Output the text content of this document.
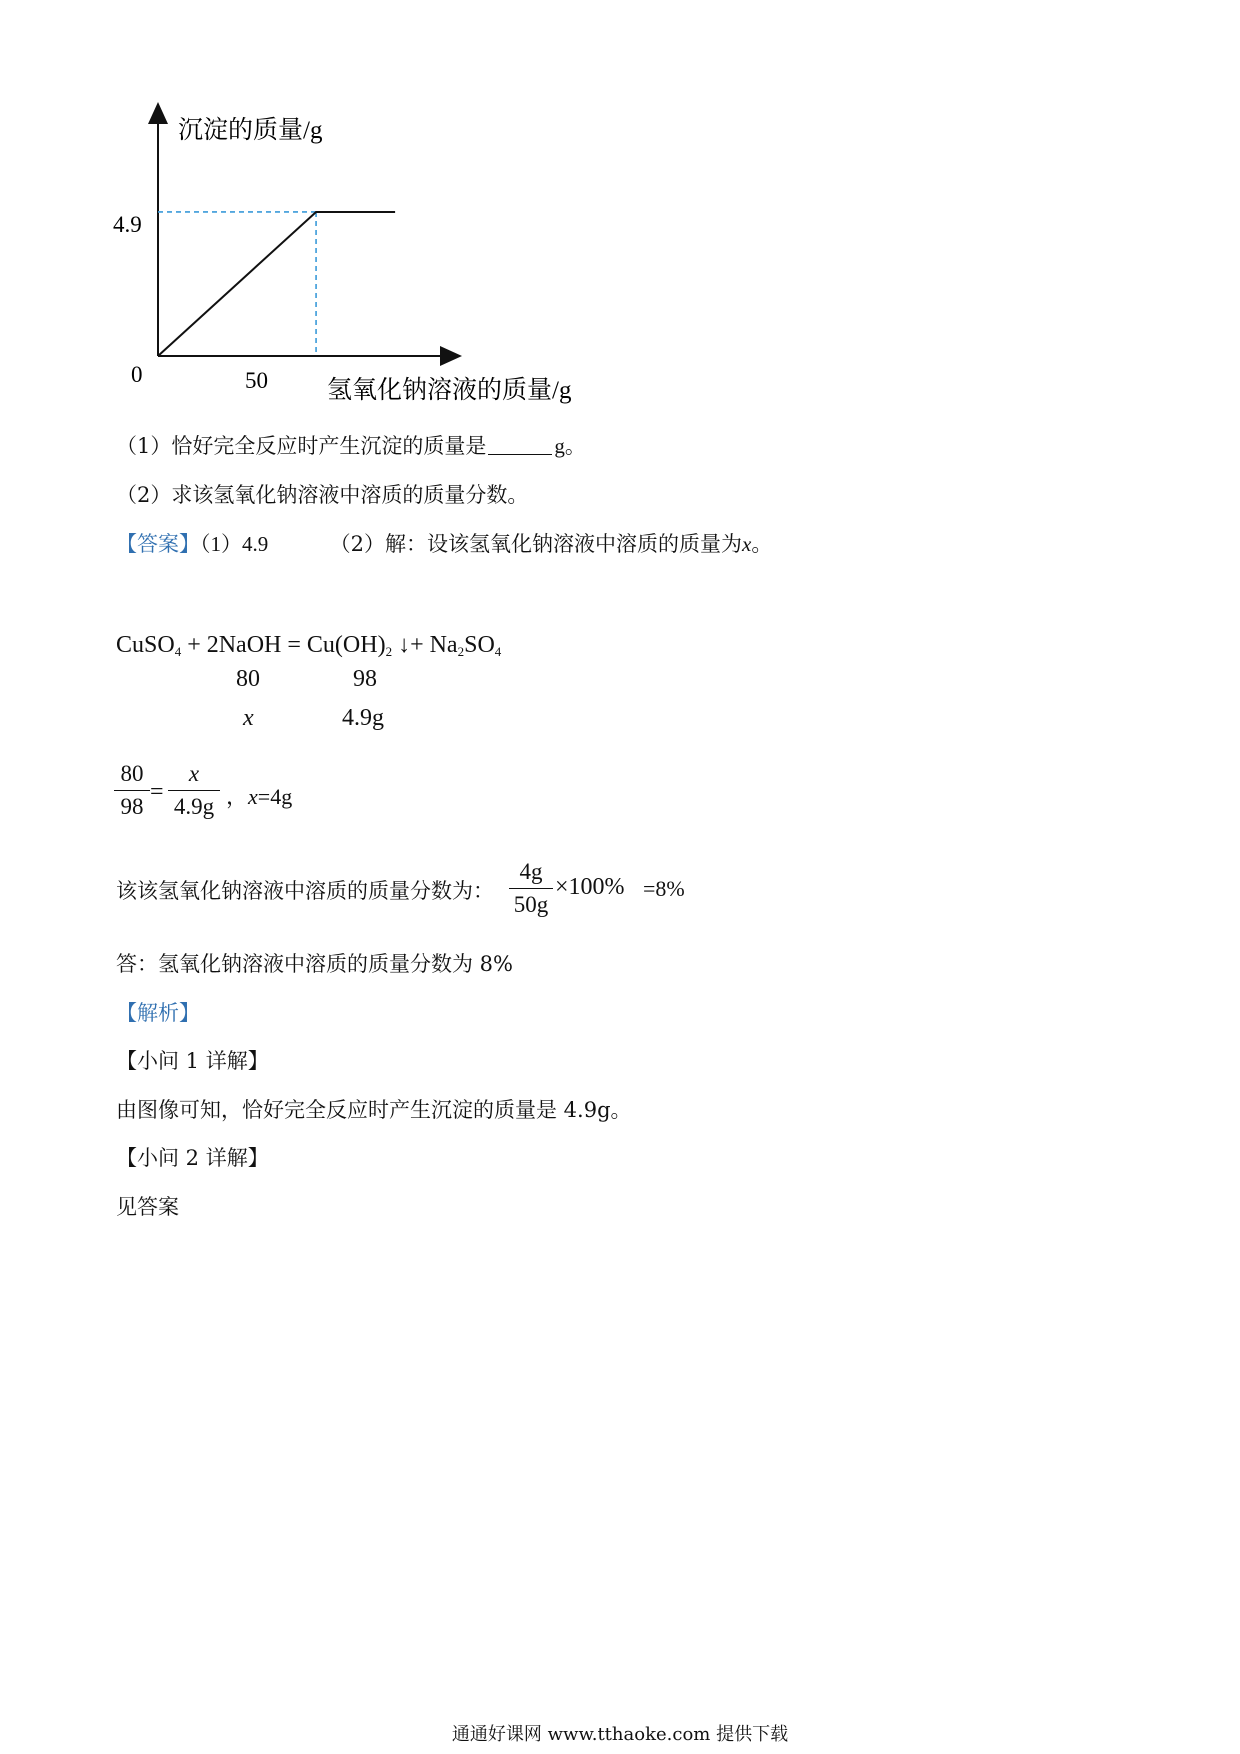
沉淀的质量/g
氢氧化钠溶液的质量/g
0
4.9
50
（1）恰好完全反应时产生沉淀的质量是	g。
（2）求该氢氧化钠溶液中溶质的质量分数。
【答案】（1）4.9	（2）解：设该氢氧化钠溶液中溶质的质量为x。
CuSO$_4$ + 2NaOH = $Cu(OH)_2$ ↓+ $Na_2SO_4$
80	98
x	4.9g
80
98
=
x
4.9g ，x=4g
该该氢氧化钠溶液中溶质的质量分数为：
4g
50g
×100% =8%
答：氢氧化钠溶液中溶质的质量分数为 8%
【解析】
【小问 1 详解】
由图像可知，恰好完全反应时产生沉淀的质量是 4.9g。
【小问 2 详解】
见答案
通通好课网 www.tthaoke.com 提供下载
